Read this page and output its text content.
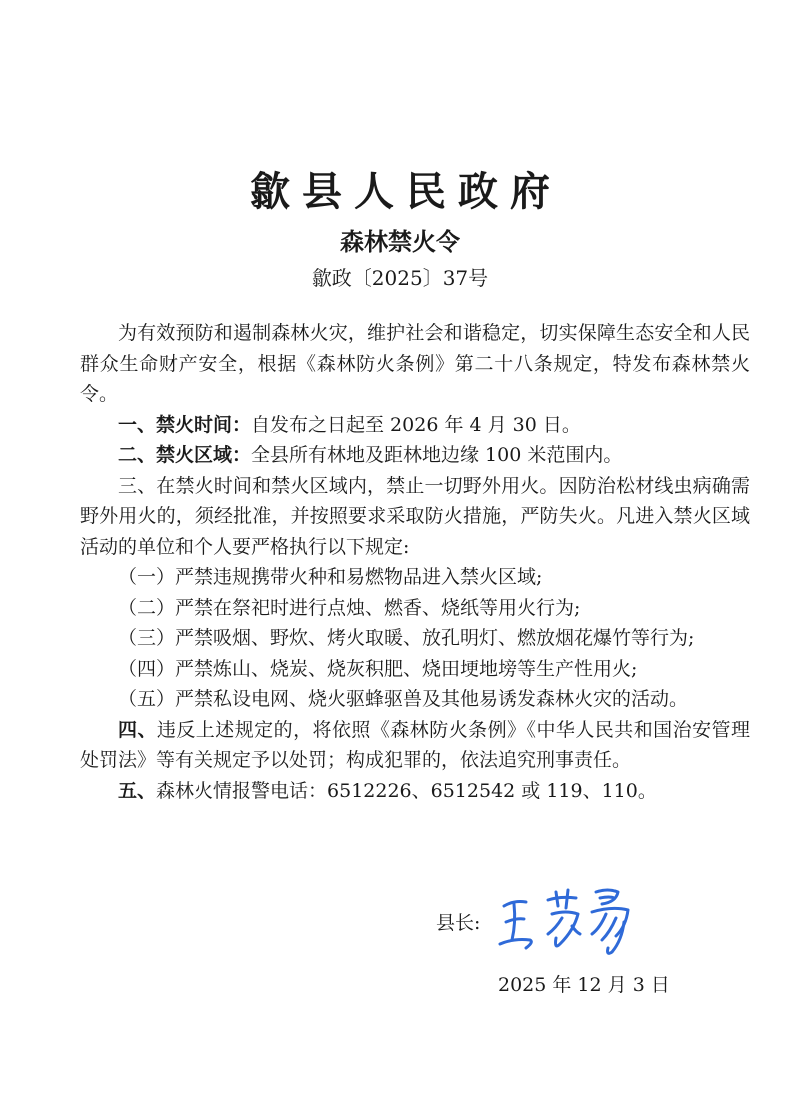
歙县人民政府
森林禁火令
歙政〔2025〕37号

为有效预防和遏制森林火灾，维护社会和谐稳定，切实保障生态安全和人民群众生命财产安全，根据《森林防火条例》第二十八条规定，特发布森林禁火令。

一、禁火时间：自发布之日起至 2026 年 4 月 30 日。

二、禁火区域：全县所有林地及距林地边缘 100 米范围内。

三、在禁火时间和禁火区域内，禁止一切野外用火。因防治松材线虫病确需野外用火的，须经批准，并按照要求采取防火措施，严防失火。凡进入禁火区域活动的单位和个人要严格执行以下规定:

（一）严禁违规携带火种和易燃物品进入禁火区域;

（二）严禁在祭祀时进行点烛、燃香、烧纸等用火行为;

（三）严禁吸烟、野炊、烤火取暖、放孔明灯、燃放烟花爆竹等行为;

（四）严禁炼山、烧炭、烧灰积肥、烧田埂地塝等生产性用火;

（五）严禁私设电网、烧火驱蜂驱兽及其他易诱发森林火灾的活动。

四、违反上述规定的，将依照《森林防火条例》《中华人民共和国治安管理处罚法》等有关规定予以处罚；构成犯罪的，依法追究刑事责任。

五、森林火情报警电话：6512226、6512542 或 119、110。

县长:
2025 年 12 月 3 日
